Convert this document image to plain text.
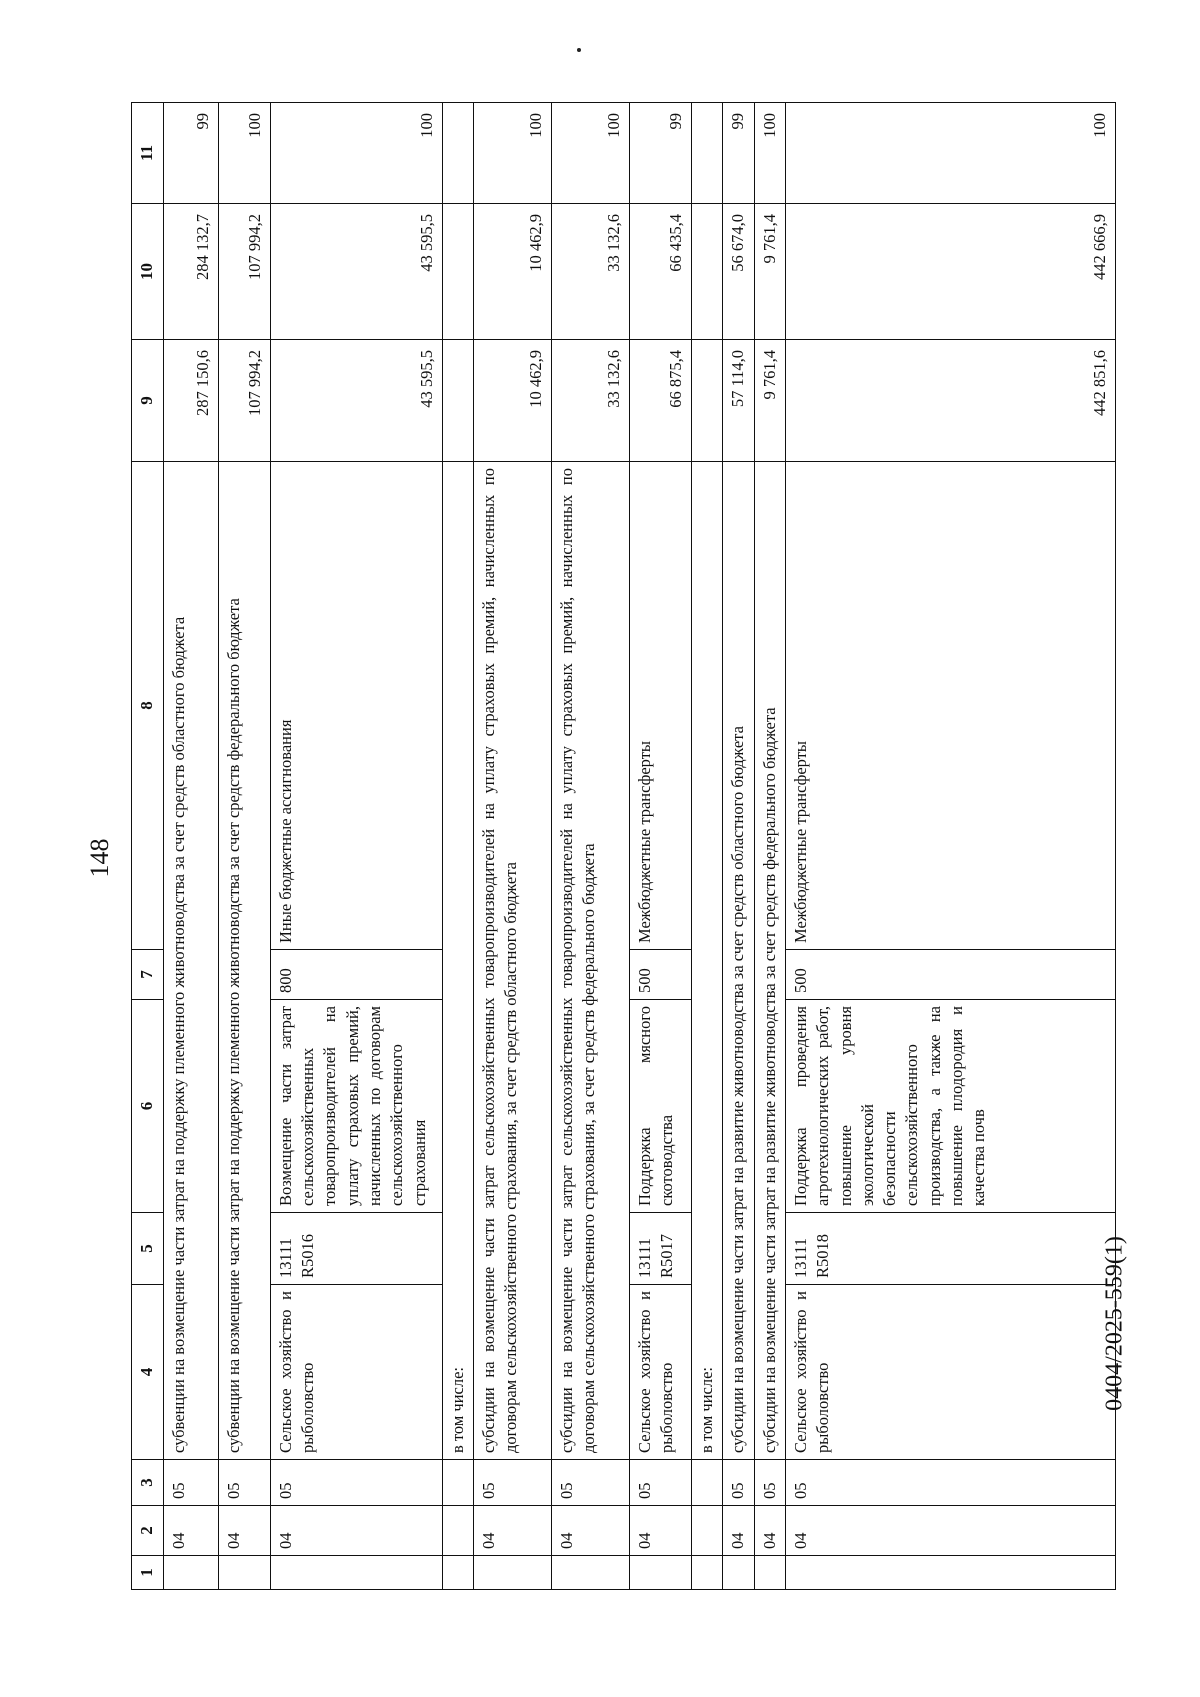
148
1	2	3	4	5	6	7	8	9	10	11
	04	05	субвенции на возмещение части затрат на поддержку племенного животноводства за счет средств областного бюджета					287 150,6	284 132,7	99
	04	05	субвенции на возмещение части затрат на поддержку племенного животноводства за счет средств федерального бюджета					107 994,2	107 994,2	100
	04	05	Сельское хозяйство и рыболовство	13111 R5016	Возмещение части затрат сельскохозяйственных товаропроизводителей на уплату страховых премий, начисленных по договорам сельскохозяйственного страхования	800	Иные бюджетные ассигнования	43 595,5	43 595,5	100
			в том числе:							
	04	05	субсидии на возмещение части затрат сельскохозяйственных товаропроизводителей на уплату страховых премий, начисленных по договорам сельскохозяйственного страхования, за счет средств областного бюджета					10 462,9	10 462,9	100
	04	05	субсидии на возмещение части затрат сельскохозяйственных товаропроизводителей на уплату страховых премий, начисленных по договорам сельскохозяйственного страхования, за счет средств федерального бюджета					33 132,6	33 132,6	100
	04	05	Сельское хозяйство и рыболовство	13111 R5017	Поддержка мясного скотоводства	500	Межбюджетные трансферты	66 875,4	66 435,4	99
			в том числе:							
	04	05	субсидии на возмещение части затрат на развитие животноводства за счет средств областного бюджета					57 114,0	56 674,0	99
	04	05	субсидии на возмещение части затрат на развитие животноводства за счет средств федерального бюджета					9 761,4	9 761,4	100
	04	05	Сельское хозяйство и рыболовство	13111 R5018	Поддержка проведения агротехнологических работ, повышение уровня экологической безопасности сельскохозяйственного производства, а также на повышение плодородия и качества почв	500	Межбюджетные трансферты	442 851,6	442 666,9	100
0404/2025-559(1)
